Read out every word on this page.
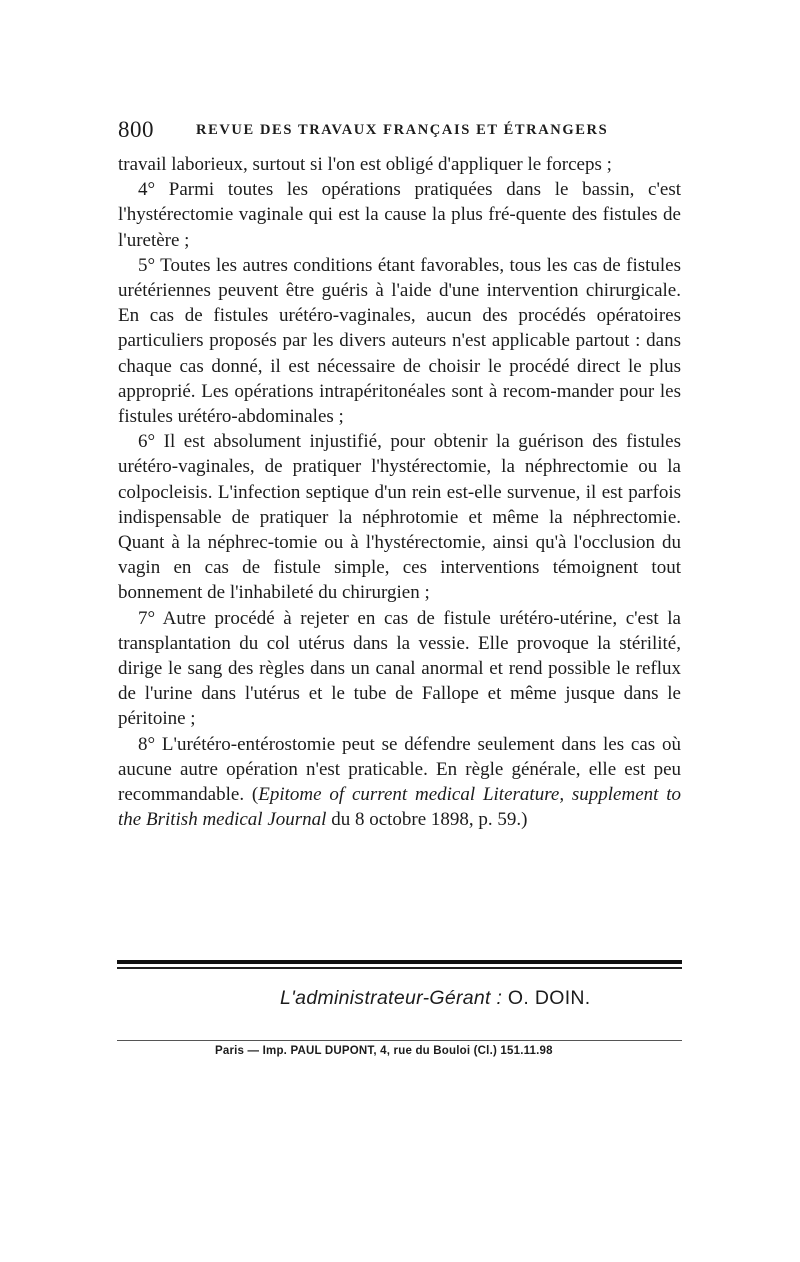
800	REVUE DES TRAVAUX FRANÇAIS ET ÉTRANGERS

travail laborieux, surtout si l'on est obligé d'appliquer le forceps ;

4° Parmi toutes les opérations pratiquées dans le bassin, c'est l'hystérectomie vaginale qui est la cause la plus fré-quente des fistules de l'uretère ;

5° Toutes les autres conditions étant favorables, tous les cas de fistules urétériennes peuvent être guéris à l'aide d'une intervention chirurgicale. En cas de fistules urétéro-vaginales, aucun des procédés opératoires particuliers proposés par les divers auteurs n'est applicable partout : dans chaque cas donné, il est nécessaire de choisir le procédé direct le plus approprié. Les opérations intrapéritonéales sont à recom-mander pour les fistules urétéro-abdominales ;

6° Il est absolument injustifié, pour obtenir la guérison des fistules urétéro-vaginales, de pratiquer l'hystérectomie, la néphrectomie ou la colpocleisis. L'infection septique d'un rein est-elle survenue, il est parfois indispensable de pratiquer la néphrotomie et même la néphrectomie. Quant à la néphrec-tomie ou à l'hystérectomie, ainsi qu'à l'occlusion du vagin en cas de fistule simple, ces interventions témoignent tout bonnement de l'inhabileté du chirurgien ;

7° Autre procédé à rejeter en cas de fistule urétéro-utérine, c'est la transplantation du col utérus dans la vessie. Elle provoque la stérilité, dirige le sang des règles dans un canal anormal et rend possible le reflux de l'urine dans l'utérus et le tube de Fallope et même jusque dans le péritoine ;

8° L'urétéro-entérostomie peut se défendre seulement dans les cas où aucune autre opération n'est praticable. En règle générale, elle est peu recommandable. (Epitome of current medical Literature, supplement to the British medical Journal du 8 octobre 1898, p. 59.)

L'administrateur-Gérant : O. DOIN.
Paris — Imp. PAUL DUPONT, 4, rue du Bouloi (Cl.) 151.11.98
